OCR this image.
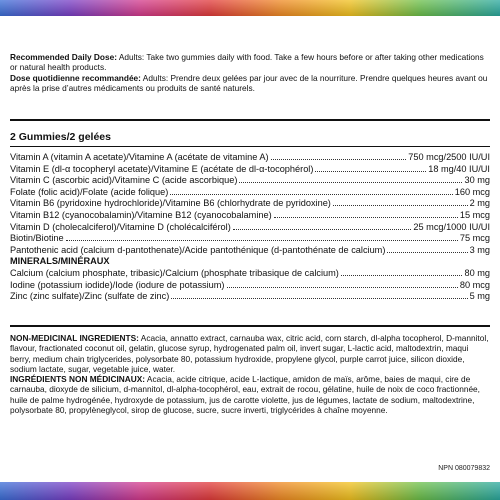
Recommended Daily Dose: Adults: Take two gummies daily with food. Take a few hours before or after taking other medications or natural health products.

Dose quotidienne recommandée: Adults: Prendre deux gelées par jour avec de la nourriture. Prendre quelques heures avant ou après la prise d’autres médicaments ou produits de santé naturels.

2 Gummies/2 gelées
Vitamin A (vitamin A acetate)/Vitamine A (acétate de vitamine A)	750 mcg/2500 IU/UI
Vitamin E (dl-α tocopheryl acetate)/Vitamine E (acétate de dl-α-tocophérol)	18 mg/40 IU/UI
Vitamin C (ascorbic acid)/Vitamine C (acide ascorbique)	30 mg
Folate (folic acid)/Folate (acide folique)	160 mcg
Vitamin B6 (pyridoxine hydrochloride)/Vitamine B6 (chlorhydrate de pyridoxine)	2 mg
Vitamin B12 (cyanocobalamin)/Vitamine B12 (cyanocobalamine)	15 mcg
Vitamin D (cholecalciferol)/Vitamine D (cholécalciférol)	25 mcg/1000 IU/UI
Biotin/Biotine	75 mcg
Pantothenic acid (calcium d-pantothenate)/Acide pantothénique (d-pantothénate de calcium)	3 mg
MINERALS/MINÉRAUX
Calcium (calcium phosphate, tribasic)/Calcium (phosphate tribasique de calcium)	80 mg
Iodine (potassium iodide)/Iode (iodure de potassium)	80 mcg
Zinc (zinc sulfate)/Zinc (sulfate de zinc)	5 mg

NON-MEDICINAL INGREDIENTS: Acacia, annatto extract, carnauba wax, citric acid, corn starch, dl-alpha tocopherol, D-mannitol, flavour, fractionated coconut oil, gelatin, glucose syrup, hydrogenated palm oil, invert sugar, L-lactic acid, maltodextrin, maqui berry, medium chain triglycerides, polysorbate 80, potassium hydroxide, propylene glycol, purple carrot juice, silicon dioxide, sodium lactate, sugar, vegetable juice, water.

INGRÉDIENTS NON MÉDICINAUX: Acacia, acide citrique, acide L-lactique, amidon de maïs, arôme, baies de maqui, cire de carnauba, dioxyde de silicium, d-mannitol, dl-alpha-tocophérol, eau, extrait de rocou, gélatine, huile de noix de coco fractionnée, huile de palme hydrogénée, hydroxyde de potassium, jus de carotte violette, jus de légumes, lactate de sodium, maltodextrine, polysorbate 80, propylèneglycol, sirop de glucose, sucre, sucre inverti, triglycérides à chaîne moyenne.

NPN 080079832
